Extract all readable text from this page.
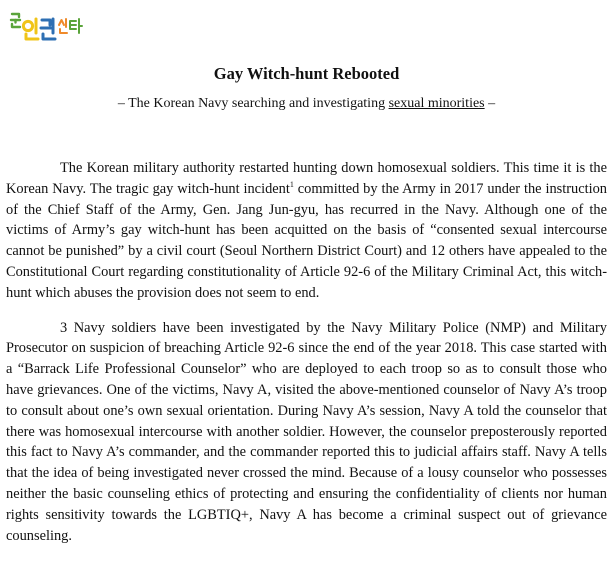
Gay Witch-hunt Rebooted

– The Korean Navy searching and investigating sexual minorities –

The Korean military authority restarted hunting down homosexual soldiers. This time it is the Korean Navy. The tragic gay witch-hunt incident$^1$ committed by the Army in 2017 under the instruction of the Chief Staff of the Army, Gen. Jang Jun-gyu, has recurred in the Navy. Although one of the victims of Army’s gay witch-hunt has been acquitted on the basis of “consented sexual intercourse cannot be punished” by a civil court (Seoul Northern District Court) and 12 others have appealed to the Constitutional Court regarding constitutionality of Article 92-6 of the Military Criminal Act, this witch-hunt which abuses the provision does not seem to end.

3 Navy soldiers have been investigated by the Navy Military Police (NMP) and Military Prosecutor on suspicion of breaching Article 92-6 since the end of the year 2018. This case started with a “Barrack Life Professional Counselor” who are deployed to each troop so as to consult those who have grievances. One of the victims, Navy A, visited the above-mentioned counselor of Navy A’s troop to consult about one’s own sexual orientation. During Navy A’s session, Navy A told the counselor that there was homosexual intercourse with another soldier. However, the counselor preposterously reported this fact to Navy A’s commander, and the commander reported this to judicial affairs staff. Navy A tells that the idea of being investigated never crossed the mind. Because of a lousy counselor who possesses neither the basic counseling ethics of protecting and ensuring the confidentiality of clients nor human rights sensitivity towards the LGBTIQ+, Navy A has become a criminal suspect out of grievance counseling.
